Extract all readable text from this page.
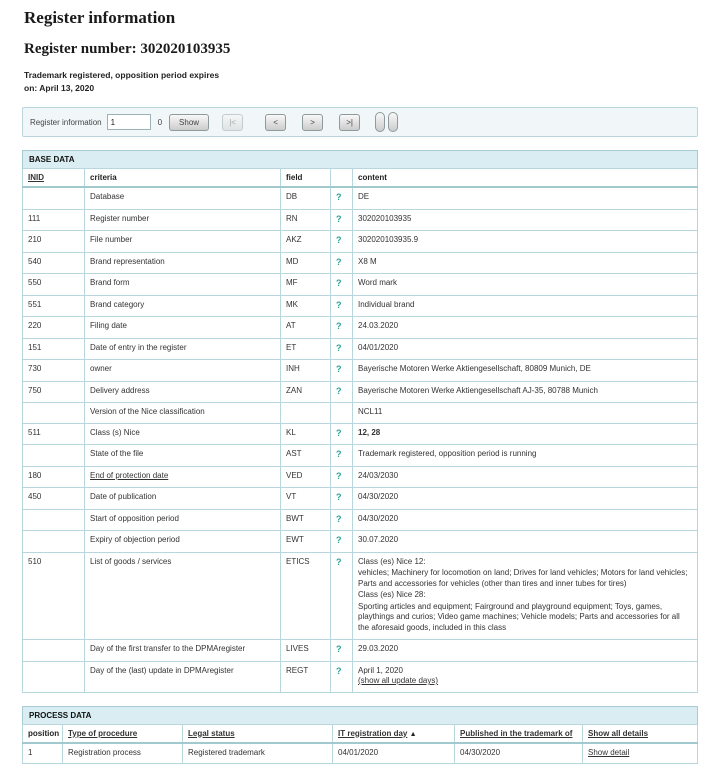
Register information
Register number: 302020103935
Trademark registered, opposition period expires
on: April 13, 2020
Register information
1	0	Show	|<	<	>	>|
BASE DATA
INID	criteria	field		content
	Database	DB	?	DE
111	Register number	RN	?	302020103935
210	File number	AKZ	?	302020103935.9
540	Brand representation	MD	?	X8 M
550	Brand form	MF	?	Word mark
551	Brand category	MK	?	Individual brand
220	Filing date	AT	?	24.03.2020
151	Date of entry in the register	ET	?	04/01/2020
730	owner	INH	?	Bayerische Motoren Werke Aktiengesellschaft, 80809 Munich, DE
750	Delivery address	ZAN	?	Bayerische Motoren Werke Aktiengesellschaft AJ-35, 80788 Munich
	Version of the Nice classification			NCL11
511	Class (s) Nice	KL	?	12, 28
	State of the file	AST	?	Trademark registered, opposition period is running
180	End of protection date	VED	?	24/03/2030
450	Date of publication	VT	?	04/30/2020
	Start of opposition period	BWT	?	04/30/2020
	Expiry of objection period	EWT	?	30.07.2020
510	List of goods / services	ETICS	?	Class (es) Nice 12:
vehicles; Machinery for locomotion on land; Drives for land vehicles; Motors for land vehicles; Parts and accessories for vehicles (other than tires and inner tubes for tires)
Class (es) Nice 28:
Sporting articles and equipment; Fairground and playground equipment; Toys, games, playthings and curios; Video game machines; Vehicle models; Parts and accessories for all the aforesaid goods, included in this class

	Day of the first transfer to the DPMAregister	LIVES	?	29.03.2020
	Day of the (last) update in DPMAregister	REGT	?	April 1, 2020
(show all update days)
PROCESS DATA
position	Type of procedure	Legal status	IT registration day ▲	Published in the trademark of	Show all details
1	Registration process	Registered trademark	04/01/2020	04/30/2020	Show detail
